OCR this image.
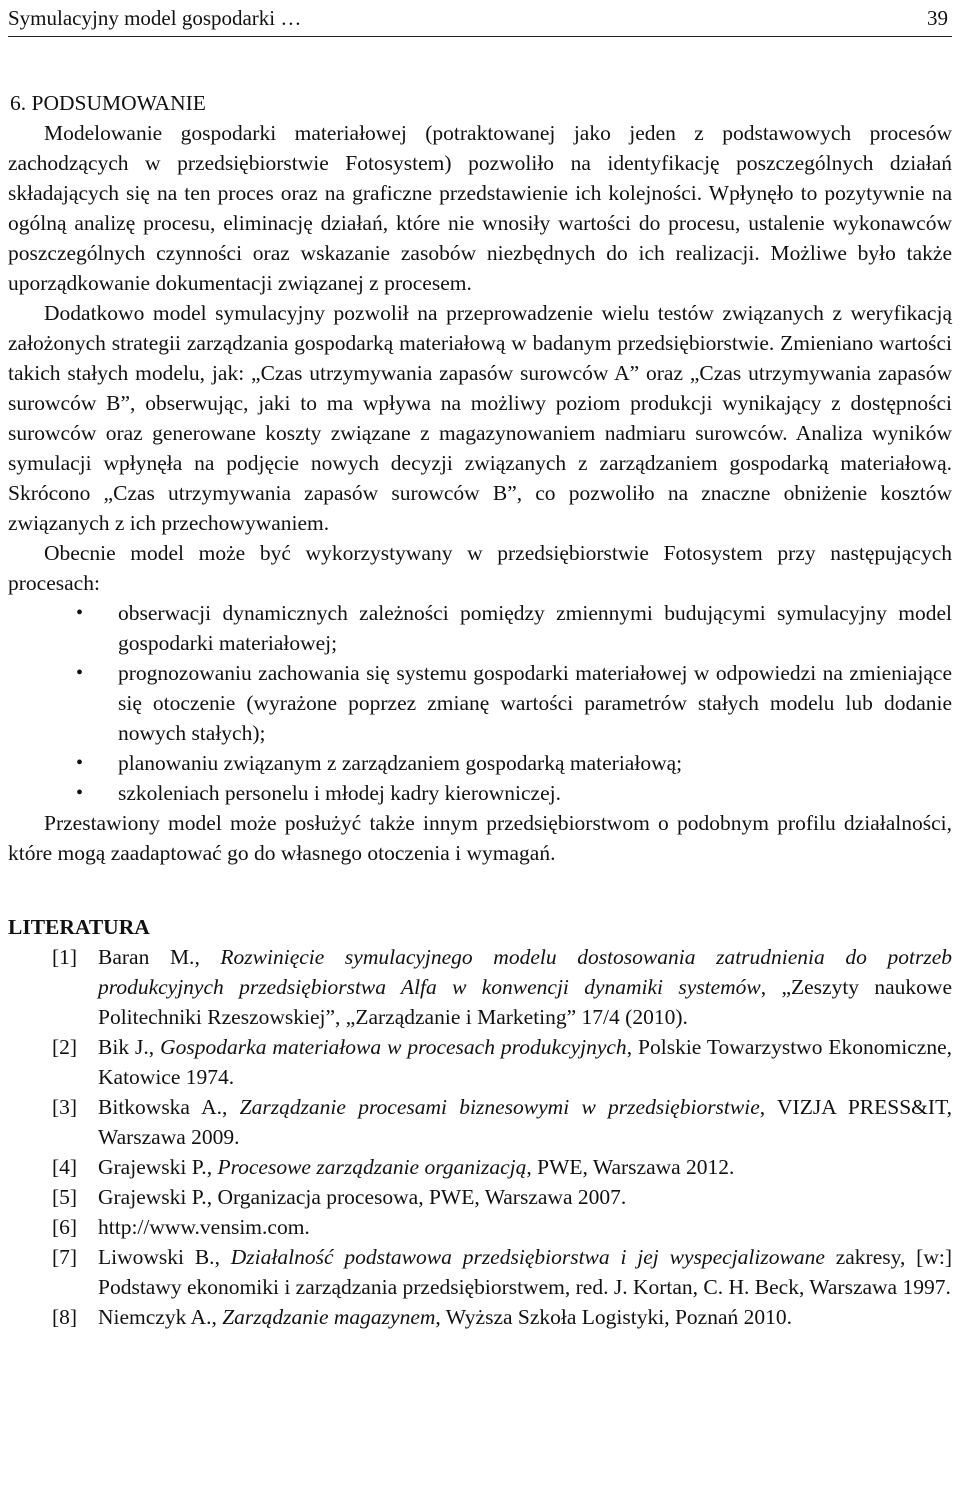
Symulacyjny model gospodarki …	39
6. PODSUMOWANIE

Modelowanie gospodarki materiałowej (potraktowanej jako jeden z podstawowych procesów zachodzących w przedsiębiorstwie Fotosystem) pozwoliło na identyfikację poszczególnych działań składających się na ten proces oraz na graficzne przedstawienie ich kolejności. Wpłynęło to pozytywnie na ogólną analizę procesu, eliminację działań, które nie wnosiły wartości do procesu, ustalenie wykonawców poszczególnych czynności oraz wskazanie zasobów niezbędnych do ich realizacji. Możliwe było także uporządkowanie dokumentacji związanej z procesem.

Dodatkowo model symulacyjny pozwolił na przeprowadzenie wielu testów związanych z weryfikacją założonych strategii zarządzania gospodarką materiałową w badanym przedsiębiorstwie. Zmieniano wartości takich stałych modelu, jak: „Czas utrzymywania zapasów surowców A” oraz „Czas utrzymywania zapasów surowców B”, obserwując, jaki to ma wpływa na możliwy poziom produkcji wynikający z dostępności surowców oraz generowane koszty związane z magazynowaniem nadmiaru surowców. Analiza wyników symulacji wpłynęła na podjęcie nowych decyzji związanych z zarządzaniem gospodarką materiałową. Skrócono „Czas utrzymywania zapasów surowców B”, co pozwoliło na znaczne obniżenie kosztów związanych z ich przechowywaniem.

Obecnie model może być wykorzystywany w przedsiębiorstwie Fotosystem przy następujących procesach:

• obserwacji dynamicznych zależności pomiędzy zmiennymi budującymi symulacyjny model gospodarki materiałowej;
• prognozowaniu zachowania się systemu gospodarki materiałowej w odpowiedzi na zmieniające się otoczenie (wyrażone poprzez zmianę wartości parametrów stałych modelu lub dodanie nowych stałych);
• planowaniu związanym z zarządzaniem gospodarką materiałową;
• szkoleniach personelu i młodej kadry kierowniczej.

Przestawiony model może posłużyć także innym przedsiębiorstwom o podobnym profilu działalności, które mogą zaadaptować go do własnego otoczenia i wymagań.

LITERATURA
[1] Baran M., Rozwinięcie symulacyjnego modelu dostosowania zatrudnienia do potrzeb produkcyjnych przedsiębiorstwa Alfa w konwencji dynamiki systemów, „Zeszyty naukowe Politechniki Rzeszowskiej”, „Zarządzanie i Marketing” 17/4 (2010).
[2] Bik J., Gospodarka materiałowa w procesach produkcyjnych, Polskie Towarzystwo Ekonomiczne, Katowice 1974.
[3] Bitkowska A., Zarządzanie procesami biznesowymi w przedsiębiorstwie, VIZJA PRESS&IT, Warszawa 2009.
[4] Grajewski P., Procesowe zarządzanie organizacją, PWE, Warszawa 2012.
[5] Grajewski P., Organizacja procesowa, PWE, Warszawa 2007.
[6] http://www.vensim.com.
[7] Liwowski B., Działalność podstawowa przedsiębiorstwa i jej wyspecjalizowane zakresy, [w:] Podstawy ekonomiki i zarządzania przedsiębiorstwem, red. J. Kortan, C. H. Beck, Warszawa 1997.
[8] Niemczyk A., Zarządzanie magazynem, Wyższa Szkoła Logistyki, Poznań 2010.
